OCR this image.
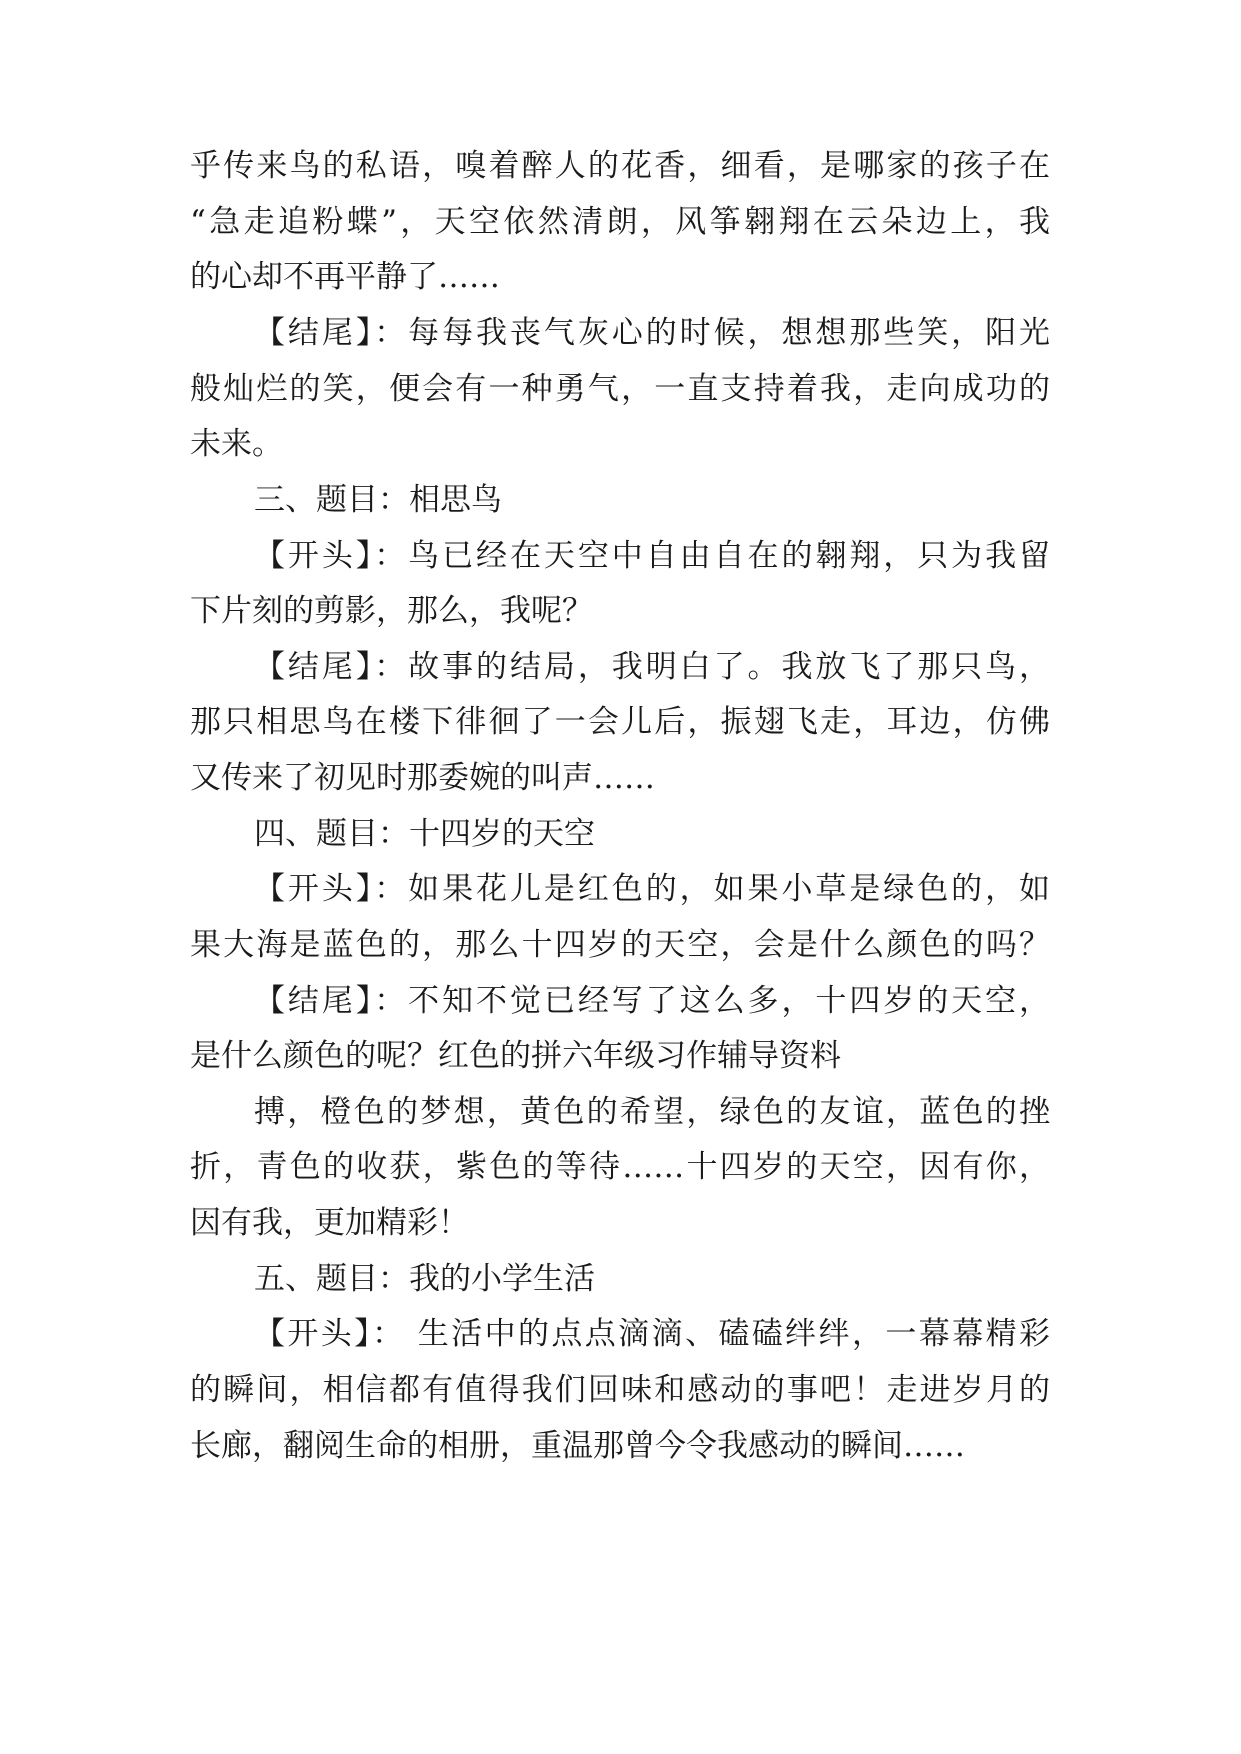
乎传来鸟的私语，嗅着醉人的花香，细看，是哪家的孩子在
“急走追粉蝶”，天空依然清朗，风筝翱翔在云朵边上，我
的心却不再平静了……
【结尾】：每每我丧气灰心的时候，想想那些笑，阳光
般灿烂的笑，便会有一种勇气，一直支持着我，走向成功的
未来。
三、题目：相思鸟
【开头】：鸟已经在天空中自由自在的翱翔，只为我留
下片刻的剪影，那么，我呢？
【结尾】：故事的结局，我明白了。我放飞了那只鸟，
那只相思鸟在楼下徘徊了一会儿后，振翅飞走，耳边，仿佛
又传来了初见时那委婉的叫声……
四、题目：十四岁的天空
【开头】：如果花儿是红色的，如果小草是绿色的，如
果大海是蓝色的，那么十四岁的天空，会是什么颜色的吗？
【结尾】：不知不觉已经写了这么多，十四岁的天空，
是什么颜色的呢？红色的拼六年级习作辅导资料
搏，橙色的梦想，黄色的希望，绿色的友谊，蓝色的挫
折，青色的收获，紫色的等待……十四岁的天空，因有你，
因有我，更加精彩！
五、题目：我的小学生活
【开头】： 生活中的点点滴滴、磕磕绊绊，一幕幕精彩
的瞬间，相信都有值得我们回味和感动的事吧！走进岁月的
长廊，翻阅生命的相册，重温那曾今令我感动的瞬间……
